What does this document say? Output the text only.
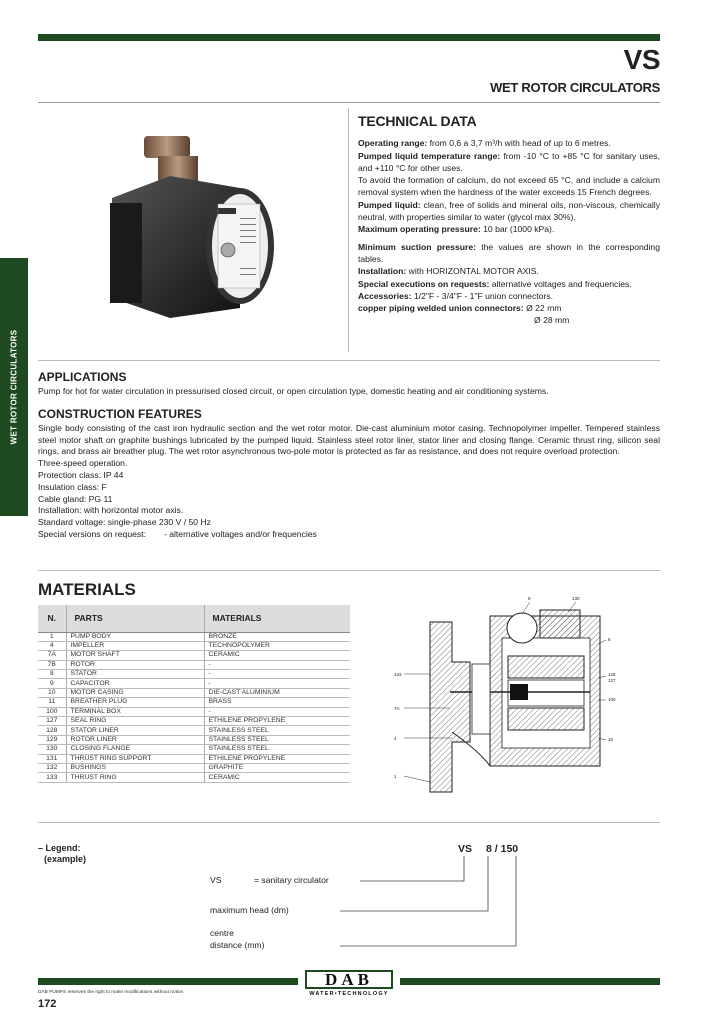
VS
WET ROTOR CIRCULATORS
WET ROTOR CIRCULATORS
TECHNICAL DATA

Operating range: from 0,6 a 3,7 m³/h with head of up to 6 metres.

Pumped liquid temperature range: from -10 °C to +85 °C for sanitary uses, and +110 °C for other uses.

To avoid the formation of calcium, do not exceed 65 °C, and include a calcium removal system when the hardness of the water exceeds 15 French degrees.

Pumped liquid: clean, free of solids and mineral oils, non-viscous, chemically neutral, with properties similar to water (glycol max 30%).

Maximum operating pressure: 10 bar (1000 kPa).

Minimum suction pressure: the values are shown in the corresponding tables.

Installation: with HORIZONTAL MOTOR AXIS.

Special executions on requests: alternative voltages and frequencies.

Accessories: 1/2"F - 3/4"F - 1"F union connectors.

copper piping welded union connectors: Ø 22 mm

Ø 28 mm

APPLICATIONS

Pump for hot for water circulation in pressurised closed circuit, or open circulation type, domestic heating and air conditioning systems.

CONSTRUCTION FEATURES

Single body consisting of the cast iron hydraulic section and the wet rotor motor. Die-cast aluminium motor casing. Technopolymer impeller. Tempered stainless steel motor shaft on graphite bushings lubricated by the pumped liquid. Stainless steel rotor liner, stator liner and closing flange. Ceramic thrust ring, silicon seal rings, and brass air breather plug. The wet rotor asynchronous two-pole motor is protected as far as resistance, and does not require overload protection.

Three-speed operation.
Protection class: IP 44
Insulation class: F
Cable gland: PG 11
Installation: with horizontal motor axis.
Standard voltage: single-phase 230 V / 50 Hz
Special versions on request: - alternative voltages and/or frequencies
MATERIALS
N.	PARTS	MATERIALS
1	PUMP BODY	BRONZE
4	IMPELLER	TECHNOPOLYMER
7A	MOTOR SHAFT	CERAMIC
7B	ROTOR	-
8	STATOR	-
9	CAPACITOR	-
10	MOTOR CASING	DIE-CAST ALUMINIUM
11	BREATHER PLUG	BRASS
100	TERMINAL BOX	-
127	SEAL RING	ETHILENE PROPYLENE
128	STATOR LINER	STAINLESS STEEL
129	ROTOR LINER	STAINLESS STEEL
130	CLOSING FLANGE	STAINLESS STEEL
131	THRUST RING SUPPORT	ETHILENE PROPYLENE
132	BUSHINGS	GRAPHITE
133	THRUST RING	CERAMIC
9	130
8
100
7A
4
1
128
127
133
10
– Legend:
(example)
VS 8 / 150
VS	= sanitary circulator
maximum head (dm)
centre
distance (mm)
DAB
WATER•TECHNOLOGY
DAB PUMPS reserves the right to make modifications without notice.
172
